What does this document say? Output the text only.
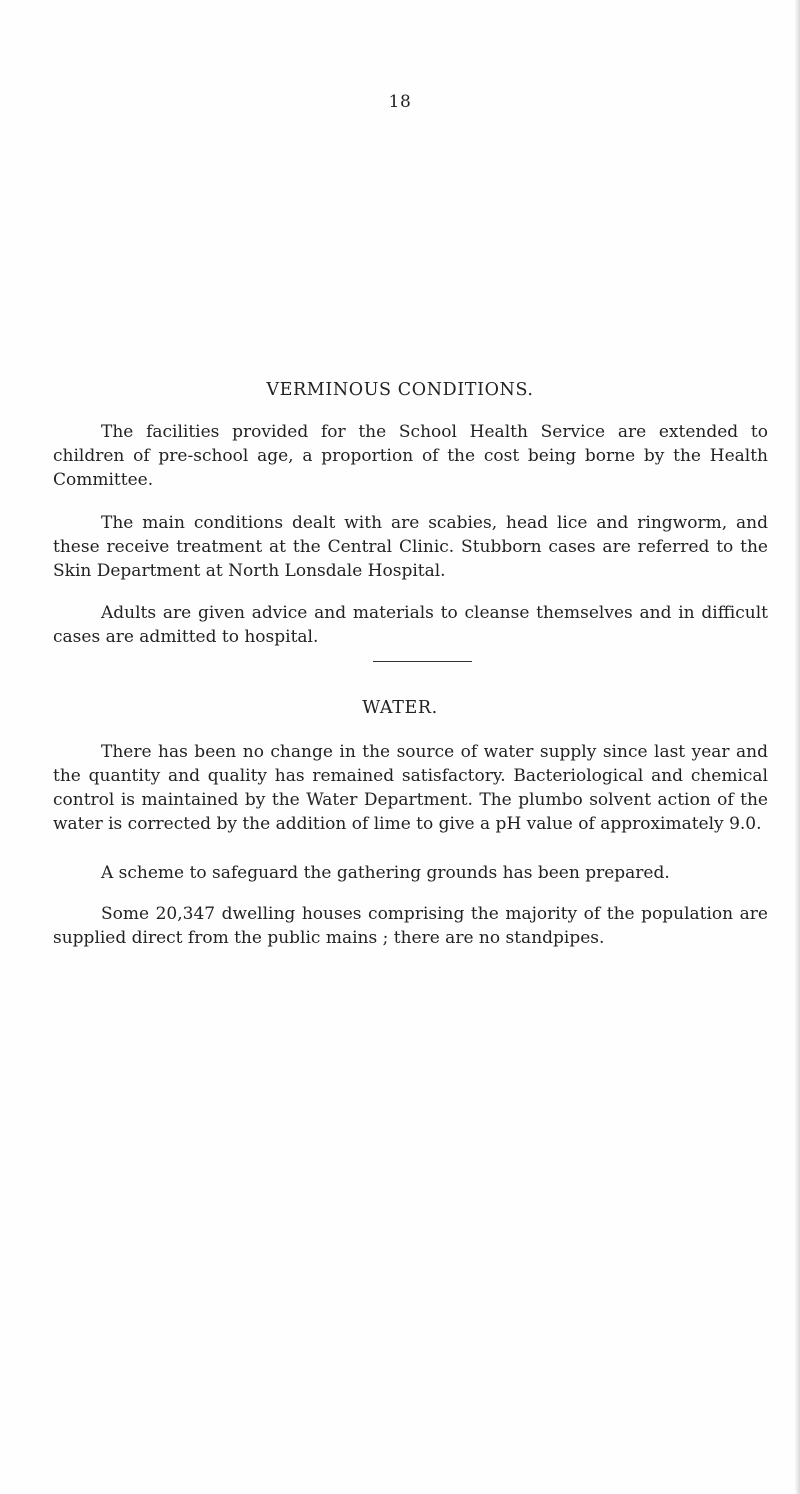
18
VERMINOUS CONDITIONS.

The facilities provided for the School Health Service are extended to children of pre-school age, a proportion of the cost being borne by the Health Committee.

The main conditions dealt with are scabies, head lice and ringworm, and these receive treatment at the Central Clinic. Stubborn cases are referred to the Skin Department at North Lonsdale Hospital.

Adults are given advice and materials to cleanse themselves and in difficult cases are admitted to hospital.

WATER.

There has been no change in the source of water supply since last year and the quantity and quality has remained satisfactory. Bacteriological and chemical control is maintained by the Water Department. The plumbo solvent action of the water is corrected by the addition of lime to give a pH value of approximately 9.0.

A scheme to safeguard the gathering grounds has been prepared.

Some 20,347 dwelling houses comprising the majority of the population are supplied direct from the public mains ; there are no standpipes.
